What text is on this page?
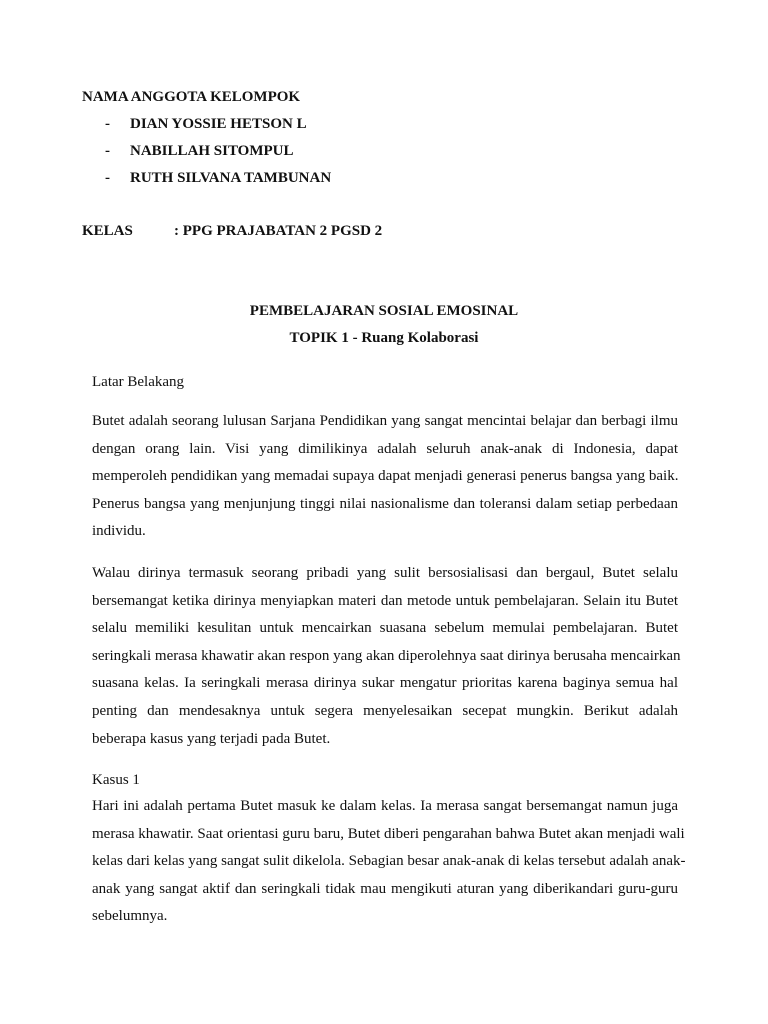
NAMA ANGGOTA KELOMPOK
- DIAN YOSSIE HETSON L
- NABILLAH SITOMPUL
- RUTH SILVANA TAMBUNAN
KELAS	: PPG PRAJABATAN 2 PGSD 2
PEMBELAJARAN SOSIAL EMOSINAL
TOPIK 1 - Ruang Kolaborasi
Latar Belakang
Butet adalah seorang lulusan Sarjana Pendidikan yang sangat mencintai belajar dan berbagi ilmu
dengan orang lain. Visi yang dimilikinya adalah seluruh anak-anak di Indonesia, dapat
memperoleh pendidikan yang memadai supaya dapat menjadi generasi penerus bangsa yang baik.
Penerus bangsa yang menjunjung tinggi nilai nasionalisme dan toleransi dalam setiap perbedaan
individu.
Walau dirinya termasuk seorang pribadi yang sulit bersosialisasi dan bergaul, Butet selalu
bersemangat ketika dirinya menyiapkan materi dan metode untuk pembelajaran. Selain itu Butet
selalu memiliki kesulitan untuk mencairkan suasana sebelum memulai pembelajaran. Butet
seringkali merasa khawatir akan respon yang akan diperolehnya saat dirinya berusaha mencairkan
suasana kelas. Ia seringkali merasa dirinya sukar mengatur prioritas karena baginya semua hal
penting dan mendesaknya untuk segera menyelesaikan secepat mungkin. Berikut adalah
beberapa kasus yang terjadi pada Butet.
Kasus 1
Hari ini adalah pertama Butet masuk ke dalam kelas. Ia merasa sangat bersemangat namun juga
merasa khawatir. Saat orientasi guru baru, Butet diberi pengarahan bahwa Butet akan menjadi wali
kelas dari kelas yang sangat sulit dikelola. Sebagian besar anak-anak di kelas tersebut adalah anak-
anak yang sangat aktif dan seringkali tidak mau mengikuti aturan yang diberikandari guru-guru
sebelumnya.
